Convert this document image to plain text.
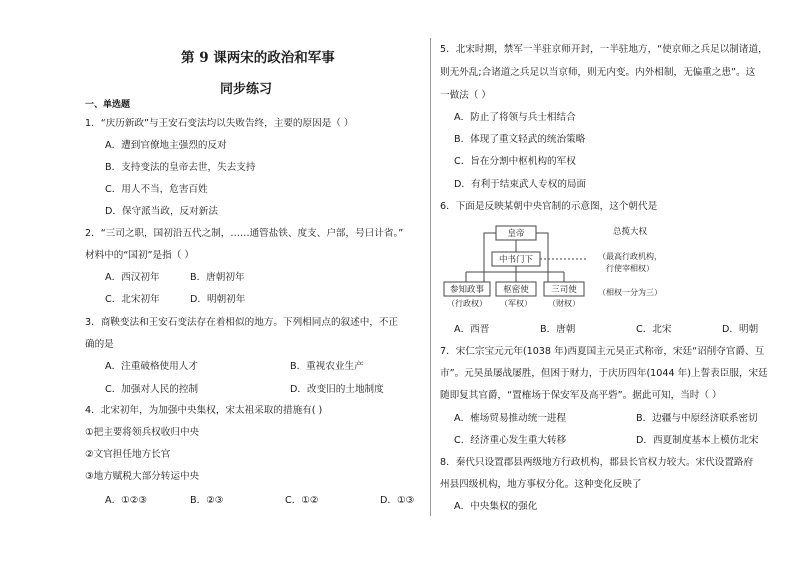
第 9 课两宋的政治和军事
同步练习
一、单选题
1．“庆历新政”与王安石变法均以失败告终，主要的原因是（ ）
A．遭到官僚地主强烈的反对
B．支持变法的皇帝去世，失去支持
C．用人不当，危害百姓
D．保守派当政，反对新法
2．“三司之职，国初沿五代之制，……通管盐铁、度支、户部，号曰计省。”
材料中的“国初”是指（ ）
A．西汉初年	B．唐朝初年
C．北宋初年	D．明朝初年
3．商鞅变法和王安石变法存在着相似的地方。下列相同点的叙述中，不正
确的是
A．注重破格使用人才	B．重视农业生产
C．加强对人民的控制	D．改变旧的土地制度
4．北宋初年，为加强中央集权，宋太祖采取的措施有( )
①把主要将领兵权收归中央
②文官担任地方长官
③地方赋税大部分转运中央
A．①②③	B．②③	C．①②	D．①③
5．北宋时期，禁军一半驻京师开封，一半驻地方，“使京师之兵足以制诸道，
则无外乱;合诸道之兵足以当京师，则无内变。内外相制，无偏重之患”。这
一做法（ ）
A．防止了将领与兵士相结合
B．体现了重文轻武的统治策略
C．旨在分割中枢机构的军权
D．有利于结束武人专权的局面
6．下面是反映某朝中央官制的示意图，这个朝代是
皇帝
中书门下
参知政事 枢密使	三司使
（行政权） （军权） （财权）
总揽大权
（最高行政机构，
行使宰相权）
（相权一分为三）
A．西晋	B．唐朝	C．北宋	D．明朝
7．宋仁宗宝元元年(1038 年)西夏国主元昊正式称帝，宋廷“诏削夺官爵、互
市”。元昊虽屡战屡胜，但困于财力，于庆历四年(1044 年)上誓表臣服，宋廷
随即复其官爵，“置榷场于保安军及高平砦”。据此可知，当时（ ）
A．榷场贸易推动统一进程	B．边疆与中原经济联系密切
C．经济重心发生重大转移	D．西夏制度基本上模仿北宋
8．秦代只设置郡县两级地方行政机构，郡县长官权力较大。宋代设置路府
州县四级机构，地方事权分化。这种变化反映了
A．中央集权的强化
